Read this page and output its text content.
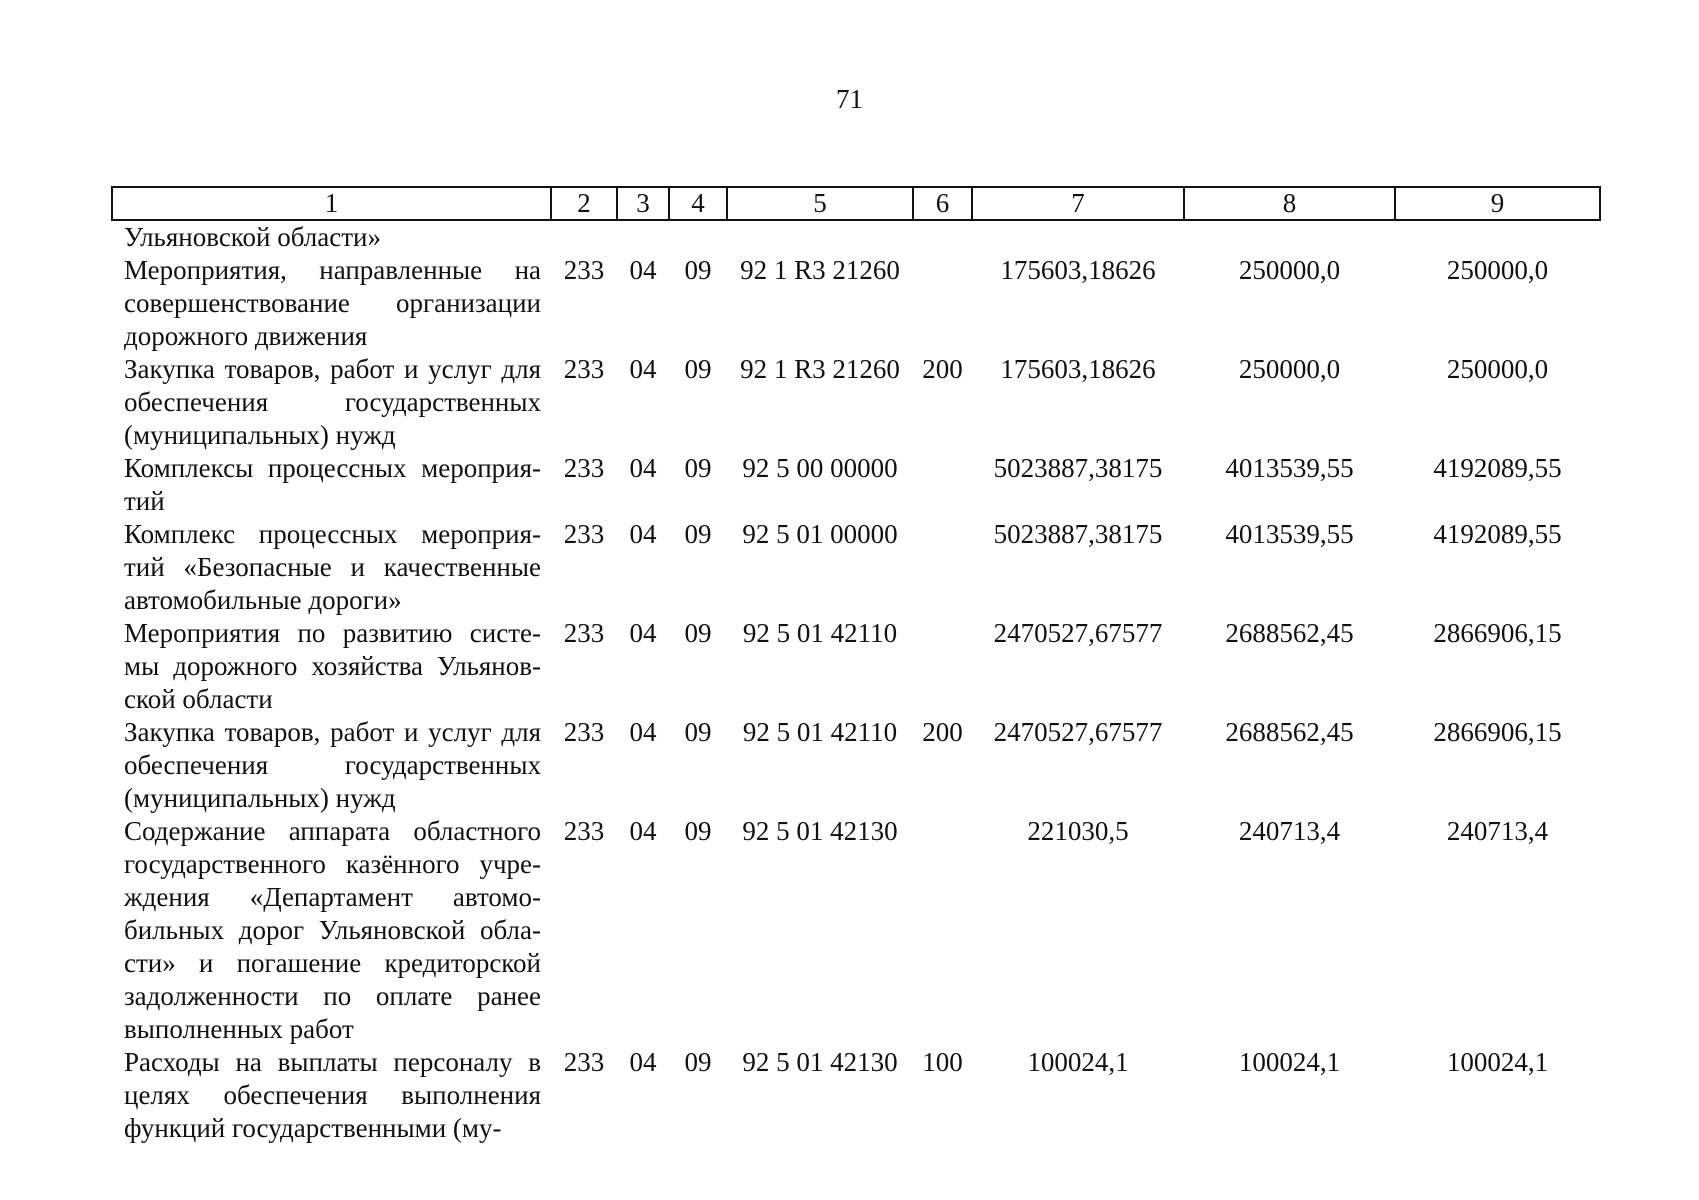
71
1	2	3	4	5	6	7	8	9
Ульяновской области»								
Мероприятия, направленные на совершенствование организации дорожного движения	233	04	09	92 1 R3 21260		175603,18626	250000,0	250000,0
Закупка товаров, работ и услуг для обеспечения государственных (муниципальных) нужд	233	04	09	92 1 R3 21260	200	175603,18626	250000,0	250000,0
Комплексы процессных мероприя-тий	233	04	09	92 5 00 00000		5023887,38175	4013539,55	4192089,55
Комплекс процессных мероприя-тий «Безопасные и качественные автомобильные дороги»	233	04	09	92 5 01 00000		5023887,38175	4013539,55	4192089,55
Мероприятия по развитию систе-мы дорожного хозяйства Ульянов-ской области	233	04	09	92 5 01 42110		2470527,67577	2688562,45	2866906,15
Закупка товаров, работ и услуг для обеспечения государственных (муниципальных) нужд	233	04	09	92 5 01 42110	200	2470527,67577	2688562,45	2866906,15
Содержание аппарата областного государственного казённого учре-ждения «Департамент автомо-бильных дорог Ульяновской обла-сти» и погашение кредиторской задолженности по оплате ранее выполненных работ	233	04	09	92 5 01 42130		221030,5	240713,4	240713,4
Расходы на выплаты персоналу в целях обеспечения выполнения функций государственными (му-	233	04	09	92 5 01 42130	100	100024,1	100024,1	100024,1
